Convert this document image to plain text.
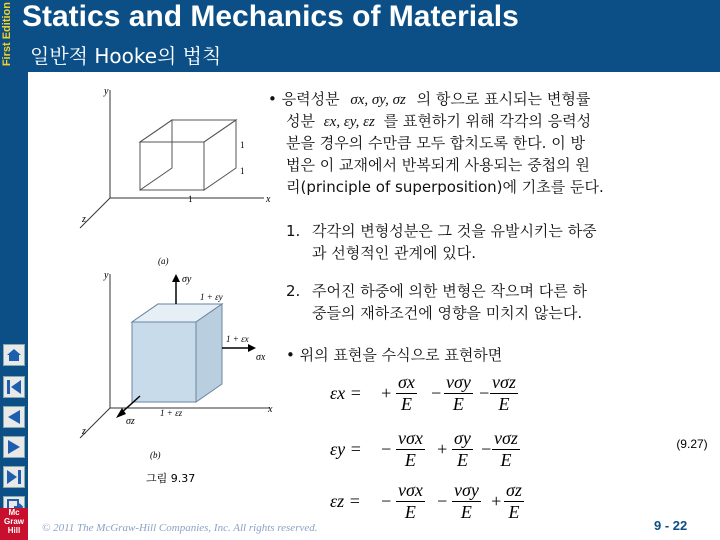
First Edition Statics and Mechanics of Materials
일반적 Hooke의 법칙
Mc
Graw
Hill
y
x
z
1
1
1
(a)
y
x
z
1 + εy
1 + εx
1 + εz
σy
σx
σz
(b)
그림 9.37
• 응력성분 σx, σy, σz 의 항으로 표시되는 변형률
성분 εx, εy, εz 를 표현하기 위해 각각의 응력성
분을 경우의 수만큼 모두 합치도록 한다. 이 방
법은 이 교재에서 반복되게 사용되는 중첩의 원
리(principle of superposition)에 기초를 둔다.
1. 각각의 변형성분은 그 것을 유발시키는 하중
과 선형적인 관계에 있다.
2. 주어진 하중에 의한 변형은 작으며 다른 하
중들의 재하조건에 영향을 미치지 않는다.
• 위의 표현을 수식으로 표현하면
εx = + $\frac{\sigma x}{E}$ −
νσy
E
−
νσz
E
εy = −
νσx
E
+ $\frac{\sigma y}{E}$ −
νσz
E
εz = −
νσx
E
−
νσy
E
+ $\frac{\sigma z}{E}$
(9.27)
© 2011 The McGraw-Hill Companies, Inc. All rights reserved.	9 - 22
